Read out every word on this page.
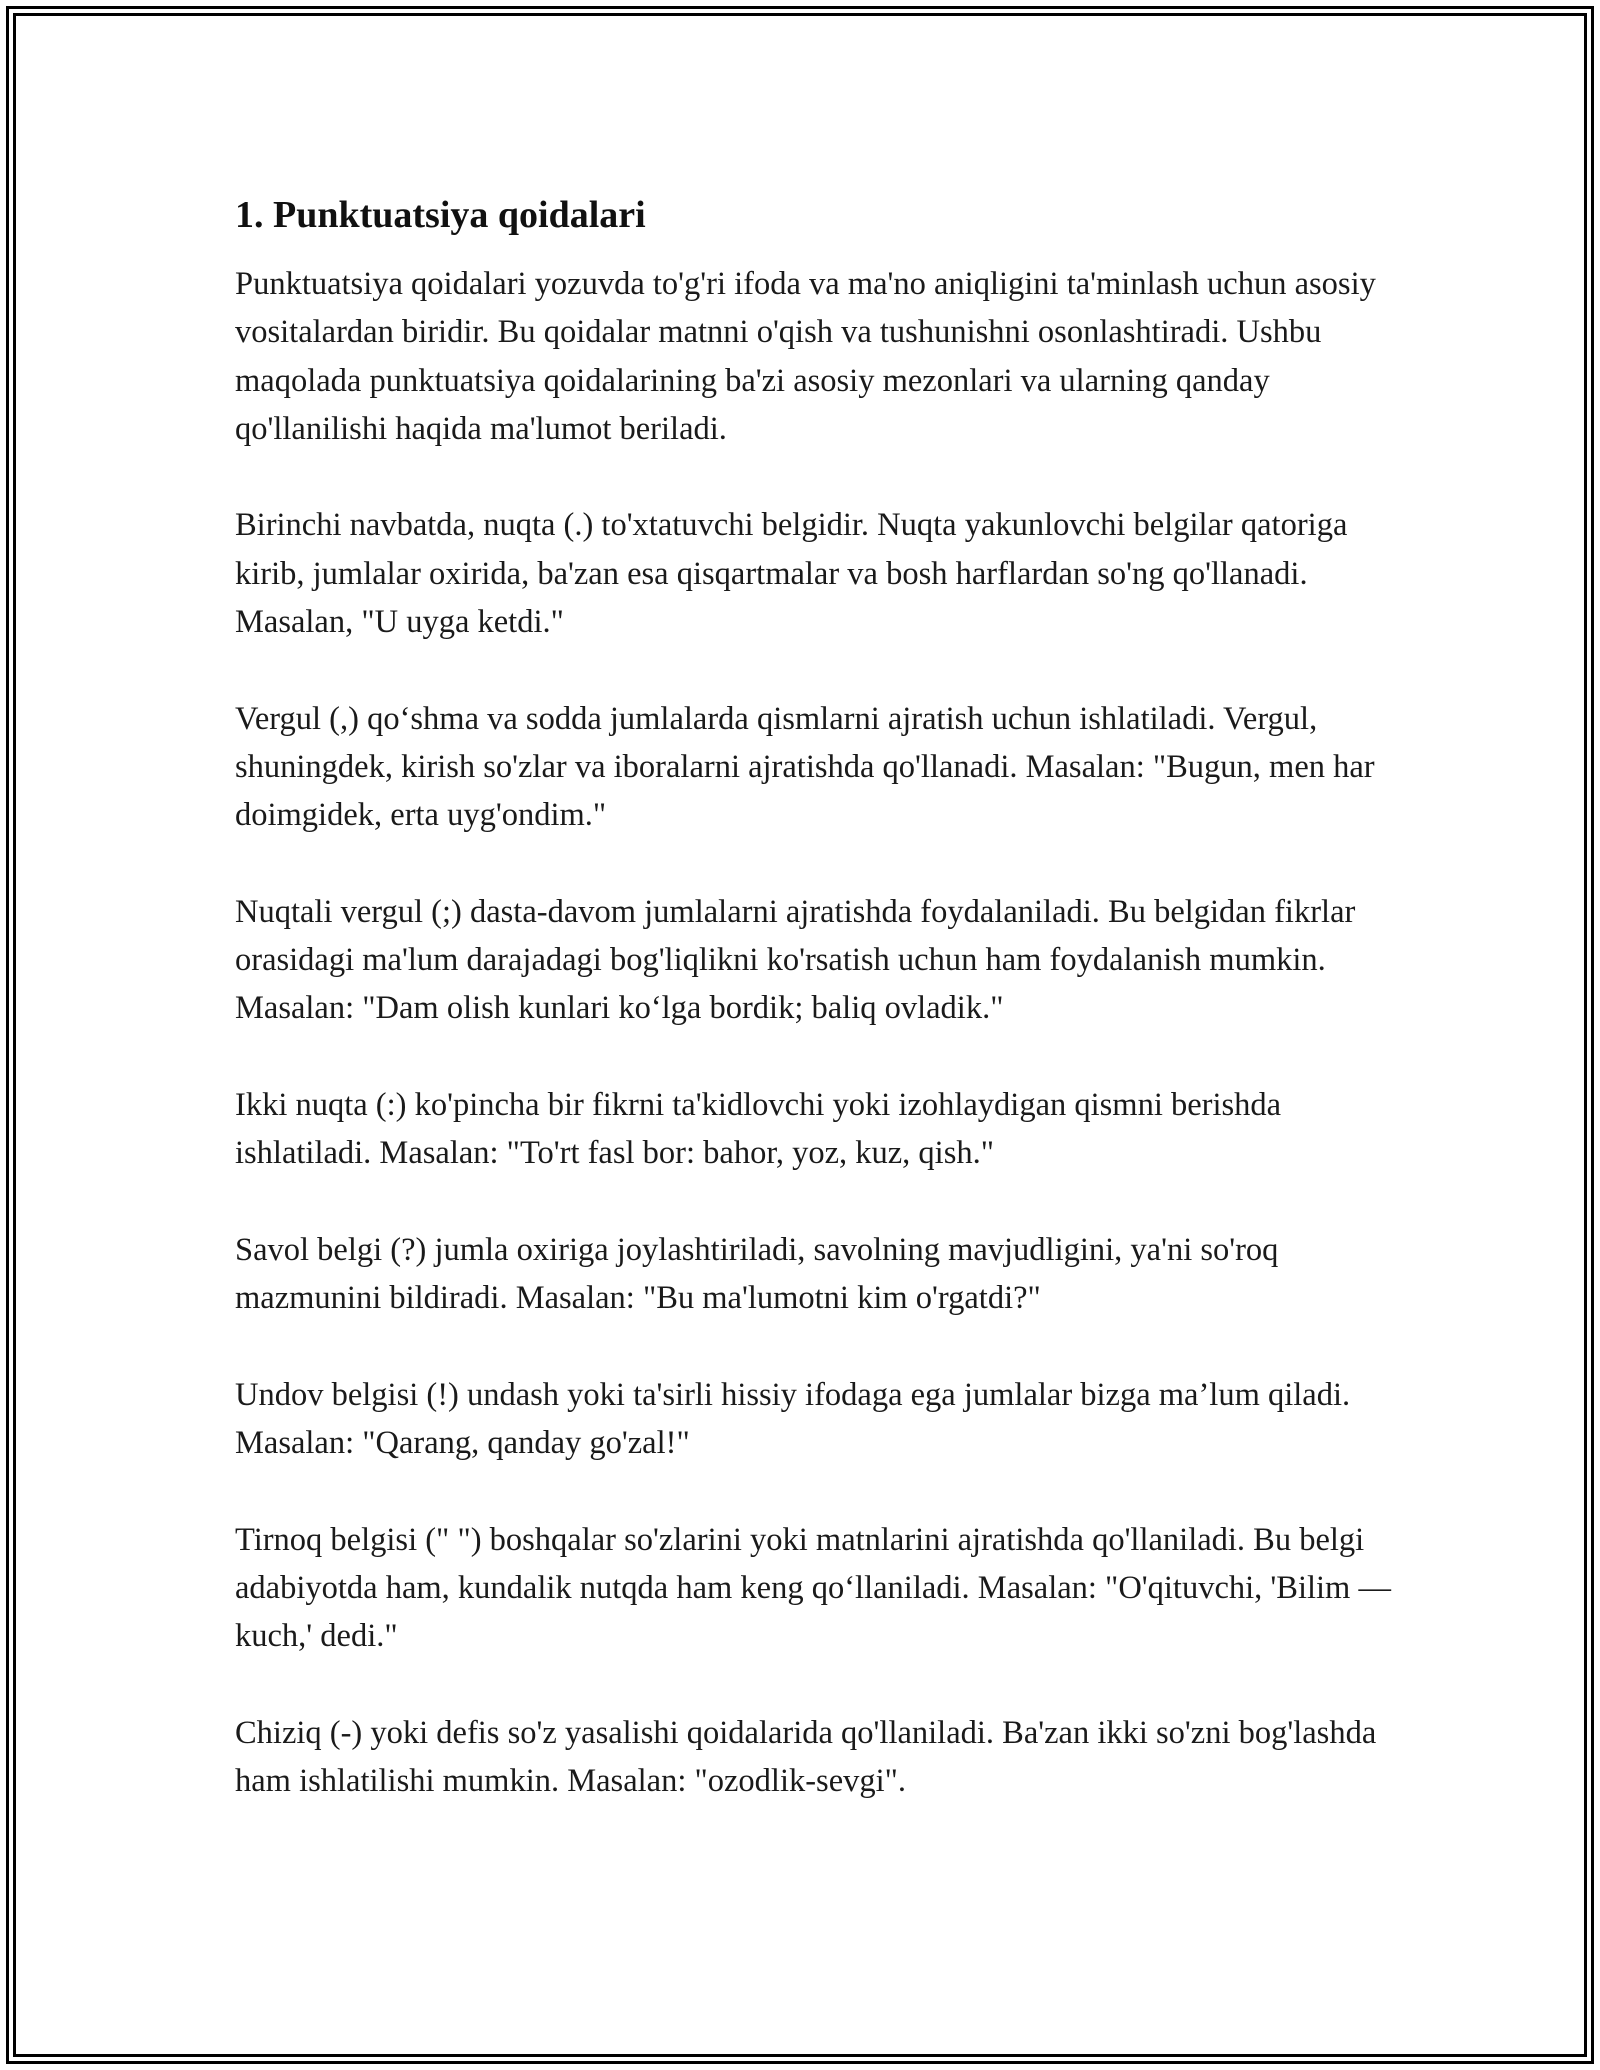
1. Punktuatsiya qoidalari

Punktuatsiya qoidalari yozuvda to'g'ri ifoda va ma'no aniqligini ta'minlash uchun asosiy vositalardan biridir. Bu qoidalar matnni o'qish va tushunishni osonlashtiradi. Ushbu maqolada punktuatsiya qoidalarining ba'zi asosiy mezonlari va ularning qanday qo'llanilishi haqida ma'lumot beriladi.

Birinchi navbatda, nuqta (.) to'xtatuvchi belgidir. Nuqta yakunlovchi belgilar qatoriga kirib, jumlalar oxirida, ba'zan esa qisqartmalar va bosh harflardan so'ng qo'llanadi. Masalan, "U uyga ketdi."

Vergul (,) qo‘shma va sodda jumlalarda qismlarni ajratish uchun ishlatiladi. Vergul, shuningdek, kirish so'zlar va iboralarni ajratishda qo'llanadi. Masalan: "Bugun, men har doimgidek, erta uyg'ondim."

Nuqtali vergul (;) dasta-davom jumlalarni ajratishda foydalaniladi. Bu belgidan fikrlar orasidagi ma'lum darajadagi bog'liqlikni ko'rsatish uchun ham foydalanish mumkin. Masalan: "Dam olish kunlari ko‘lga bordik; baliq ovladik."

Ikki nuqta (:) ko'pincha bir fikrni ta'kidlovchi yoki izohlaydigan qismni berishda ishlatiladi. Masalan: "To'rt fasl bor: bahor, yoz, kuz, qish."

Savol belgi (?) jumla oxiriga joylashtiriladi, savolning mavjudligini, ya'ni so'roq mazmunini bildiradi. Masalan: "Bu ma'lumotni kim o'rgatdi?"

Undov belgisi (!) undash yoki ta'sirli hissiy ifodaga ega jumlalar bizga ma’lum qiladi. Masalan: "Qarang, qanday go'zal!"

Tirnoq belgisi (" ") boshqalar so'zlarini yoki matnlarini ajratishda qo'llaniladi. Bu belgi adabiyotda ham, kundalik nutqda ham keng qo‘llaniladi. Masalan: "O'qituvchi, 'Bilim — kuch,' dedi."

Chiziq (-) yoki defis so'z yasalishi qoidalarida qo'llaniladi. Ba'zan ikki so'zni bog'lashda ham ishlatilishi mumkin. Masalan: "ozodlik-sevgi".
